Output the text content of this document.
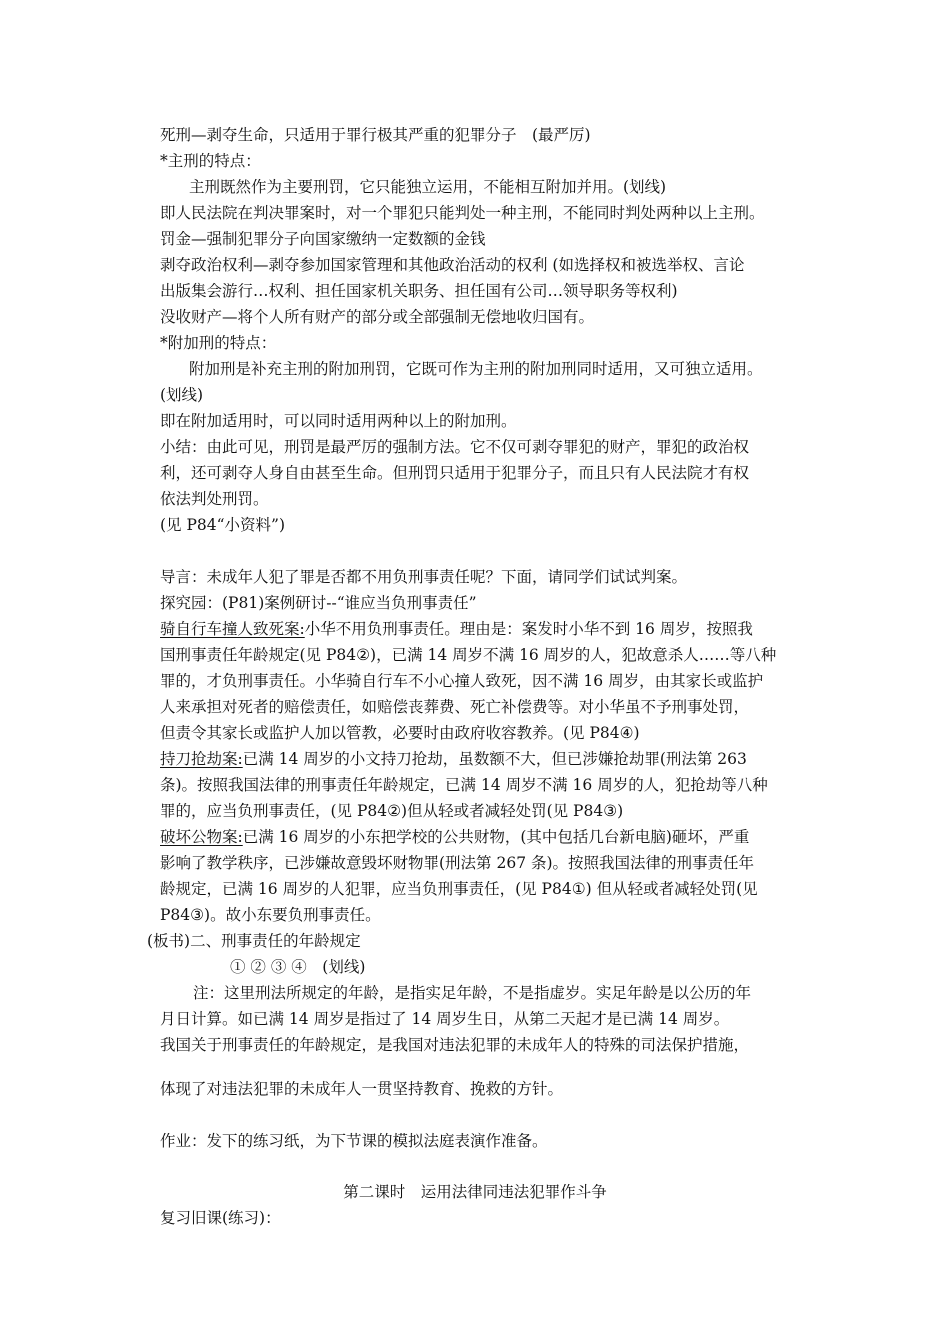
死刑—剥夺生命，只适用于罪行极其严重的犯罪分子　(最严厉)
*主刑的特点：
主刑既然作为主要刑罚，它只能独立运用，不能相互附加并用。(划线)
即人民法院在判决罪案时，对一个罪犯只能判处一种主刑，不能同时判处两种以上主刑。
罚金—强制犯罪分子向国家缴纳一定数额的金钱
剥夺政治权利—剥夺参加国家管理和其他政治活动的权利 (如选择权和被选举权、言论
出版集会游行…权利、担任国家机关职务、担任国有公司…领导职务等权利)
没收财产—将个人所有财产的部分或全部强制无偿地收归国有。
*附加刑的特点：
附加刑是补充主刑的附加刑罚，它既可作为主刑的附加刑同时适用，又可独立适用。
(划线)
即在附加适用时，可以同时适用两种以上的附加刑。
小结：由此可见，刑罚是最严厉的强制方法。它不仅可剥夺罪犯的财产，罪犯的政治权
利，还可剥夺人身自由甚至生命。但刑罚只适用于犯罪分子，而且只有人民法院才有权
依法判处刑罚。
(见 P84“小资料”)
导言：未成年人犯了罪是否都不用负刑事责任呢？下面，请同学们试试判案。
探究园：(P81)案例研讨--“谁应当负刑事责任”
骑自行车撞人致死案:小华不用负刑事责任。理由是：案发时小华不到 16 周岁，按照我
国刑事责任年龄规定(见 P84②)，已满 14 周岁不满 16 周岁的人，犯故意杀人……等八种
罪的，才负刑事责任。小华骑自行车不小心撞人致死，因不满 16 周岁，由其家长或监护
人来承担对死者的赔偿责任，如赔偿丧葬费、死亡补偿费等。对小华虽不予刑事处罚，
但责令其家长或监护人加以管教，必要时由政府收容教养。(见 P84④)
持刀抢劫案:已满 14 周岁的小文持刀抢劫，虽数额不大，但已涉嫌抢劫罪(刑法第 263
条)。按照我国法律的刑事责任年龄规定，已满 14 周岁不满 16 周岁的人，犯抢劫等八种
罪的，应当负刑事责任，(见 P84②)但从轻或者减轻处罚(见 P84③)
破坏公物案:已满 16 周岁的小东把学校的公共财物，(其中包括几台新电脑)砸坏，严重
影响了教学秩序，已涉嫌故意毁坏财物罪(刑法第 267 条)。按照我国法律的刑事责任年
龄规定，已满 16 周岁的人犯罪，应当负刑事责任，(见 P84①) 但从轻或者减轻处罚(见
P84③)。故小东要负刑事责任。
(板书)二、刑事责任的年龄规定
① ② ③ ④　(划线)
注：这里刑法所规定的年龄，是指实足年龄，不是指虚岁。实足年龄是以公历的年
月日计算。如已满 14 周岁是指过了 14 周岁生日，从第二天起才是已满 14 周岁。
我国关于刑事责任的年龄规定，是我国对违法犯罪的未成年人的特殊的司法保护措施，
体现了对违法犯罪的未成年人一贯坚持教育、挽救的方针。
作业：发下的练习纸，为下节课的模拟法庭表演作准备。
第二课时　运用法律同违法犯罪作斗争
复习旧课(练习)：
